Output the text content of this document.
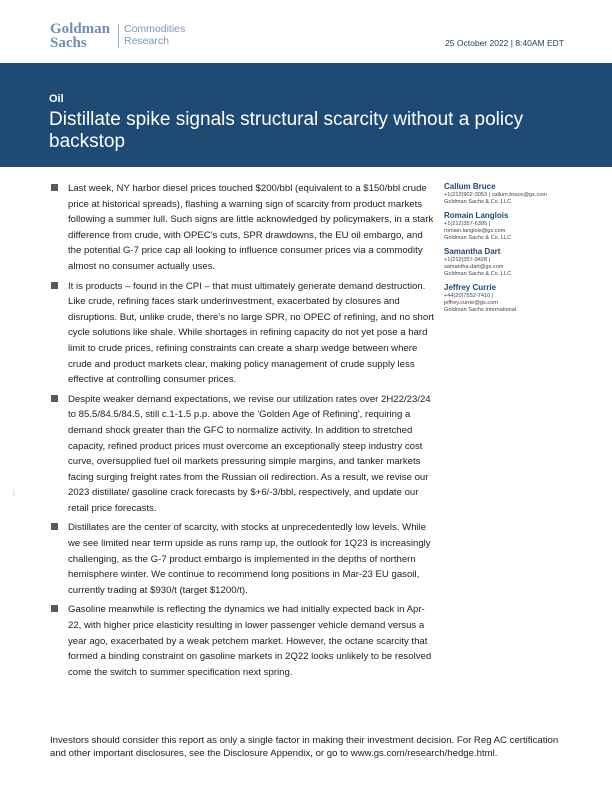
Goldman
Sachs
Commodities
Research	25 October 2022 | 8:40AM EDT
Oil
Distillate spike signals structural scarcity without a policy backstop
Last week, NY harbor diesel prices touched $200/bbl (equivalent to a $150/bbl crude price at historical spreads), flashing a warning sign of scarcity from product markets following a summer lull. Such signs are little acknowledged by policymakers, in a stark difference from crude, with OPEC's cuts, SPR drawdowns, the EU oil embargo, and the potential G-7 price cap all looking to influence consumer prices via a commodity almost no consumer actually uses.
It is products – found in the CPI – that must ultimately generate demand destruction. Like crude, refining faces stark underinvestment, exacerbated by closures and disruptions. But, unlike crude, there's no large SPR, no OPEC of refining, and no short cycle solutions like shale. While shortages in refining capacity do not yet pose a hard limit to crude prices, refining constraints can create a sharp wedge between where crude and product markets clear, making policy management of crude supply less effective at controlling consumer prices.
Despite weaker demand expectations, we revise our utilization rates over 2H22/23/24 to 85.5/84.5/84.5, still c.1-1.5 p.p. above the 'Golden Age of Refining', requiring a demand shock greater than the GFC to normalize activity. In addition to stretched capacity, refined product prices must overcome an exceptionally steep industry cost curve, oversupplied fuel oil markets pressuring simple margins, and tanker markets facing surging freight rates from the Russian oil redirection. As a result, we revise our 2023 distillate/ gasoline crack forecasts by $+6/-3/bbl, respectively, and update our retail price forecasts.
Distillates are the center of scarcity, with stocks at unprecedentedly low levels. While we see limited near term upside as runs ramp up, the outlook for 1Q23 is increasingly challenging, as the G-7 product embargo is implemented in the depths of northern hemisphere winter. We continue to recommend long positions in Mar-23 EU gasoil, currently trading at $930/t (target $1200/t).
Gasoline meanwhile is reflecting the dynamics we had initially expected back in Apr-22, with higher price elasticity resulting in lower passenger vehicle demand versus a year ago, exacerbated by a weak petchem market. However, the octane scarcity that formed a binding constraint on gasoline markets in 2Q22 looks unlikely to be resolved come the switch to summer specification next spring.
Callum Bruce
+1(212)902-3053 | callum.bruce@gs.com
Goldman Sachs & Co. LLC
Romain Langlois
+1(212)357-6395 |
romain.langlois@gs.com
Goldman Sachs & Co. LLC
Samantha Dart
+1(212)357-9428 |
samantha.dart@gs.com
Goldman Sachs & Co. LLC
Jeffrey Currie
+44(20)7552-7410 |
jeffrey.currie@gs.com
Goldman Sachs International
|
Investors should consider this report as only a single factor in making their investment decision. For Reg AC certification and other important disclosures, see the Disclosure Appendix, or go to www.gs.com/research/hedge.html.
